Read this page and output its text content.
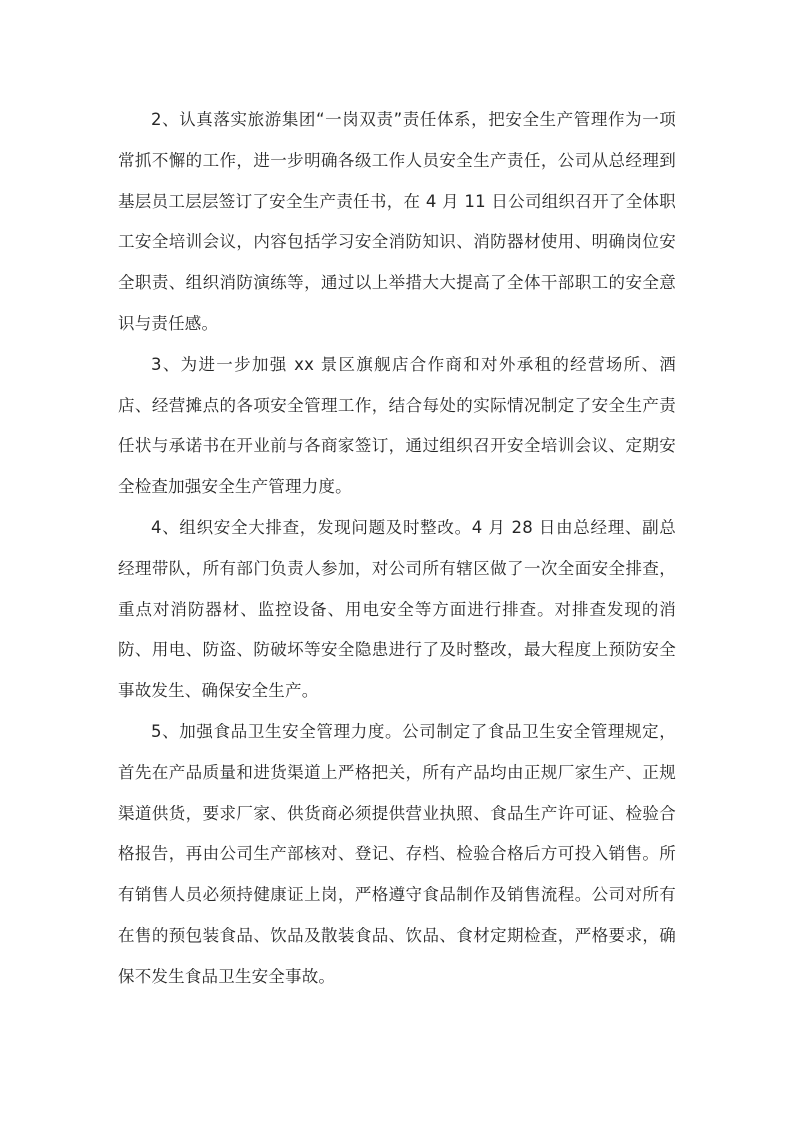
2、认真落实旅游集团“一岗双责”责任体系，把安全生产管理作为一项常抓不懈的工作，进一步明确各级工作人员安全生产责任，公司从总经理到基层员工层层签订了安全生产责任书，在 4 月 11 日公司组织召开了全体职工安全培训会议，内容包括学习安全消防知识、消防器材使用、明确岗位安全职责、组织消防演练等，通过以上举措大大提高了全体干部职工的安全意识与责任感。

3、为进一步加强 xx 景区旗舰店合作商和对外承租的经营场所、酒店、经营摊点的各项安全管理工作，结合每处的实际情况制定了安全生产责任状与承诺书在开业前与各商家签订，通过组织召开安全培训会议、定期安全检查加强安全生产管理力度。

4、组织安全大排查，发现问题及时整改。4 月 28 日由总经理、副总经理带队，所有部门负责人参加，对公司所有辖区做了一次全面安全排查，重点对消防器材、监控设备、用电安全等方面进行排查。对排查发现的消防、用电、防盗、防破坏等安全隐患进行了及时整改，最大程度上预防安全事故发生、确保安全生产。

5、加强食品卫生安全管理力度。公司制定了食品卫生安全管理规定，首先在产品质量和进货渠道上严格把关，所有产品均由正规厂家生产、正规渠道供货，要求厂家、供货商必须提供营业执照、食品生产许可证、检验合格报告，再由公司生产部核对、登记、存档、检验合格后方可投入销售。所有销售人员必须持健康证上岗，严格遵守食品制作及销售流程。公司对所有在售的预包装食品、饮品及散装食品、饮品、食材定期检查，严格要求，确保不发生食品卫生安全事故。
